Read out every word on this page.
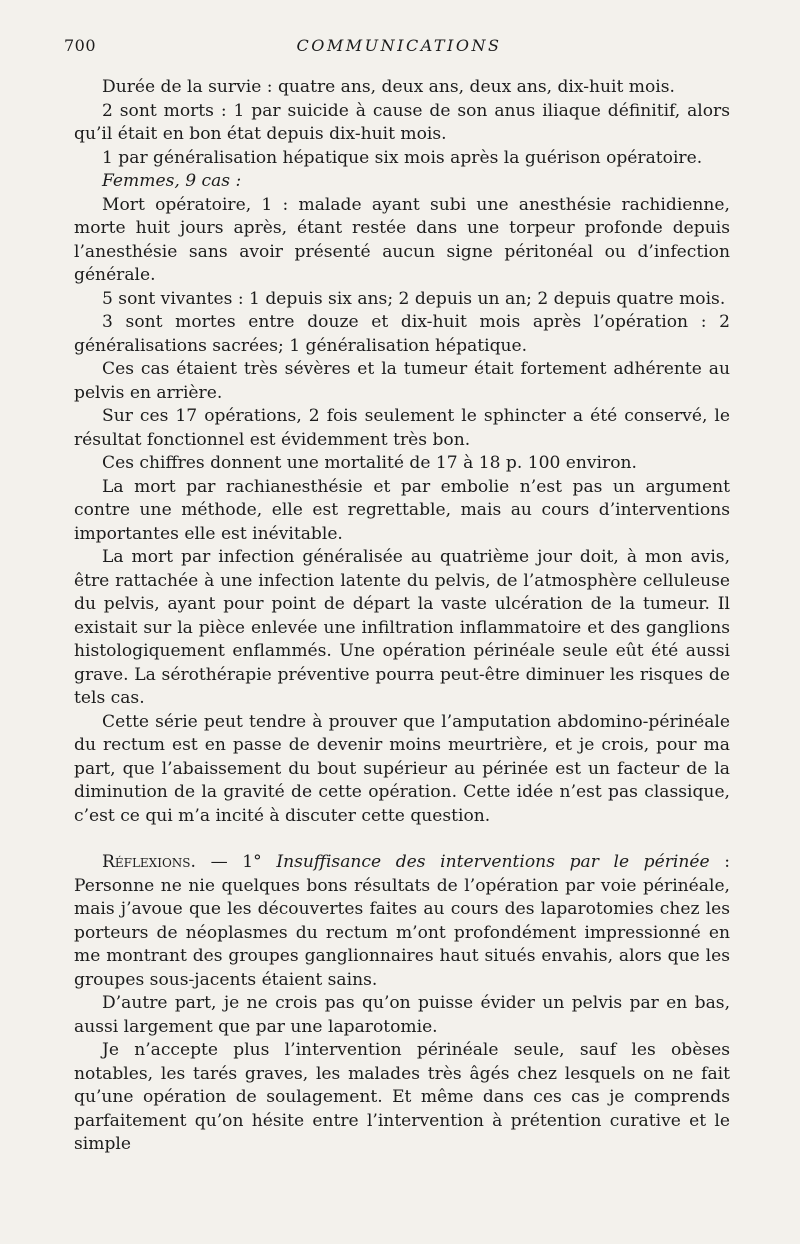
700	COMMUNICATIONS

Durée de la survie : quatre ans, deux ans, deux ans, dix-huit mois.

2 sont morts : 1 par suicide à cause de son anus iliaque définitif, alors qu’il était en bon état depuis dix-huit mois.

1 par généralisation hépatique six mois après la guérison opératoire.

Femmes, 9 cas :

Mort opératoire, 1 : malade ayant subi une anesthésie rachidienne, morte huit jours après, étant restée dans une torpeur profonde depuis l’anesthésie sans avoir présenté aucun signe péritonéal ou d’infection générale.

5 sont vivantes : 1 depuis six ans; 2 depuis un an; 2 depuis quatre mois.

3 sont mortes entre douze et dix-huit mois après l’opération : 2 généralisations sacrées; 1 généralisation hépatique.

Ces cas étaient très sévères et la tumeur était fortement adhérente au pelvis en arrière.

Sur ces 17 opérations, 2 fois seulement le sphincter a été conservé, le résultat fonctionnel est évidemment très bon.

Ces chiffres donnent une mortalité de 17 à 18 p. 100 environ.

La mort par rachianesthésie et par embolie n’est pas un argument contre une méthode, elle est regrettable, mais au cours d’interventions importantes elle est inévitable.

La mort par infection généralisée au quatrième jour doit, à mon avis, être rattachée à une infection latente du pelvis, de l’atmosphère celluleuse du pelvis, ayant pour point de départ la vaste ulcération de la tumeur. Il existait sur la pièce enlevée une infiltration inflammatoire et des ganglions histologiquement enflammés. Une opération périnéale seule eût été aussi grave. La sérothérapie préventive pourra peut-être diminuer les risques de tels cas.

Cette série peut tendre à prouver que l’amputation abdomino-périnéale du rectum est en passe de devenir moins meurtrière, et je crois, pour ma part, que l’abaissement du bout supérieur au périnée est un facteur de la diminution de la gravité de cette opération. Cette idée n’est pas classique, c’est ce qui m’a incité à discuter cette question.

Réflexions. — 1° Insuffisance des interventions par le périnée : Personne ne nie quelques bons résultats de l’opération par voie périnéale, mais j’avoue que les découvertes faites au cours des laparotomies chez les porteurs de néoplasmes du rectum m’ont profondément impressionné en me montrant des groupes ganglionnaires haut situés envahis, alors que les groupes sous-jacents étaient sains.

D’autre part, je ne crois pas qu’on puisse évider un pelvis par en bas, aussi largement que par une laparotomie.

Je n’accepte plus l’intervention périnéale seule, sauf les obèses notables, les tarés graves, les malades très âgés chez lesquels on ne fait qu’une opération de soulagement. Et même dans ces cas je comprends parfaitement qu’on hésite entre l’intervention à prétention curative et le simple
